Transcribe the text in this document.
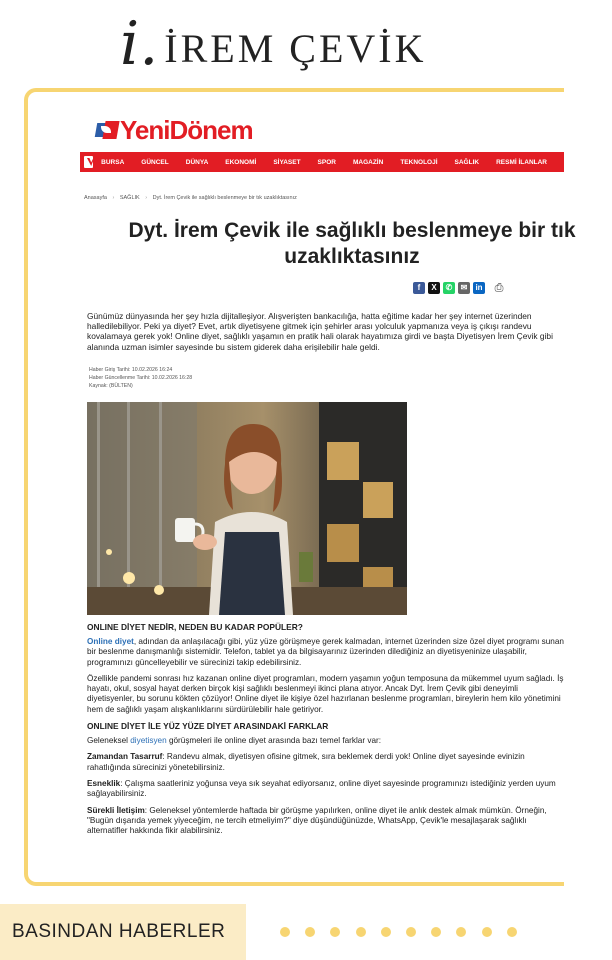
i. İREM ÇEVİK
Yeni Dönem
BURSA	GÜNCEL	DÜNYA	EKONOMİ	SİYASET	SPOR	MAGAZİN	TEKNOLOJİ	SAĞLIK	RESMİ İLANLAR
Anasayfa › SAĞLIK › Dyt. İrem Çevik ile sağlıklı beslenmeye bir tık uzaklıktasınız
Dyt. İrem Çevik ile sağlıklı beslenmeye bir tık
uzaklıktasınız
f	X	✆	✉	in ⎙

Günümüz dünyasında her şey hızla dijitalleşiyor. Alışverişten bankacılığa, hatta eğitime kadar her şey internet üzerinden halledilebiliyor. Peki ya diyet? Evet, artık diyetisyene gitmek için şehirler arası yolculuk yapmanıza veya iş çıkışı randevu kovalamaya gerek yok! Online diyet, sağlıklı yaşamın en pratik hali olarak hayatımıza girdi ve başta Diyetisyen İrem Çevik gibi alanında uzman isimler sayesinde bu sistem giderek daha erişilebilir hale geldi.

Haber Giriş Tarihi: 10.02.2026 16:24
Haber Güncellenme Tarihi: 10.02.2026 16:28
Kaynak: (BÜLTEN)
ONLINE DİYET NEDİR, NEDEN BU KADAR POPÜLER?

Online diyet, adından da anlaşılacağı gibi, yüz yüze görüşmeye gerek kalmadan, internet üzerinden size özel diyet programı sunan bir beslenme danışmanlığı sistemidir. Telefon, tablet ya da bilgisayarınız üzerinden dilediğiniz an diyetisyeninize ulaşabilir, programınızı güncelleyebilir ve sürecinizi takip edebilirsiniz.

Özellikle pandemi sonrası hız kazanan online diyet programları, modern yaşamın yoğun temposuna da mükemmel uyum sağladı. İş hayatı, okul, sosyal hayat derken birçok kişi sağlıklı beslenmeyi ikinci plana atıyor. Ancak Dyt. İrem Çevik gibi deneyimli diyetisyenler, bu sorunu kökten çözüyor! Online diyet ile kişiye özel hazırlanan beslenme programları, bireylerin hem kilo yönetimini hem de sağlıklı yaşam alışkanlıklarını sürdürülebilir hale getiriyor.

ONLINE DİYET İLE YÜZ YÜZE DİYET ARASINDAKİ FARKLAR

Geleneksel diyetisyen görüşmeleri ile online diyet arasında bazı temel farklar var:

Zamandan Tasarruf: Randevu almak, diyetisyen ofisine gitmek, sıra beklemek derdi yok! Online diyet sayesinde evinizin rahatlığında sürecinizi yönetebilirsiniz.

Esneklik: Çalışma saatleriniz yoğunsa veya sık seyahat ediyorsanız, online diyet sayesinde programınızı istediğiniz yerden uyum sağlayabilirsiniz.

Sürekli İletişim: Geleneksel yöntemlerde haftada bir görüşme yapılırken, online diyet ile anlık destek almak mümkün. Örneğin, "Bugün dışarıda yemek yiyeceğim, ne tercih etmeliyim?" diye düşündüğünüzde, WhatsApp, Çevik'le mesajlaşarak sağlıklı alternatifler hakkında fikir alabilirsiniz.

BASINDAN HABERLER
